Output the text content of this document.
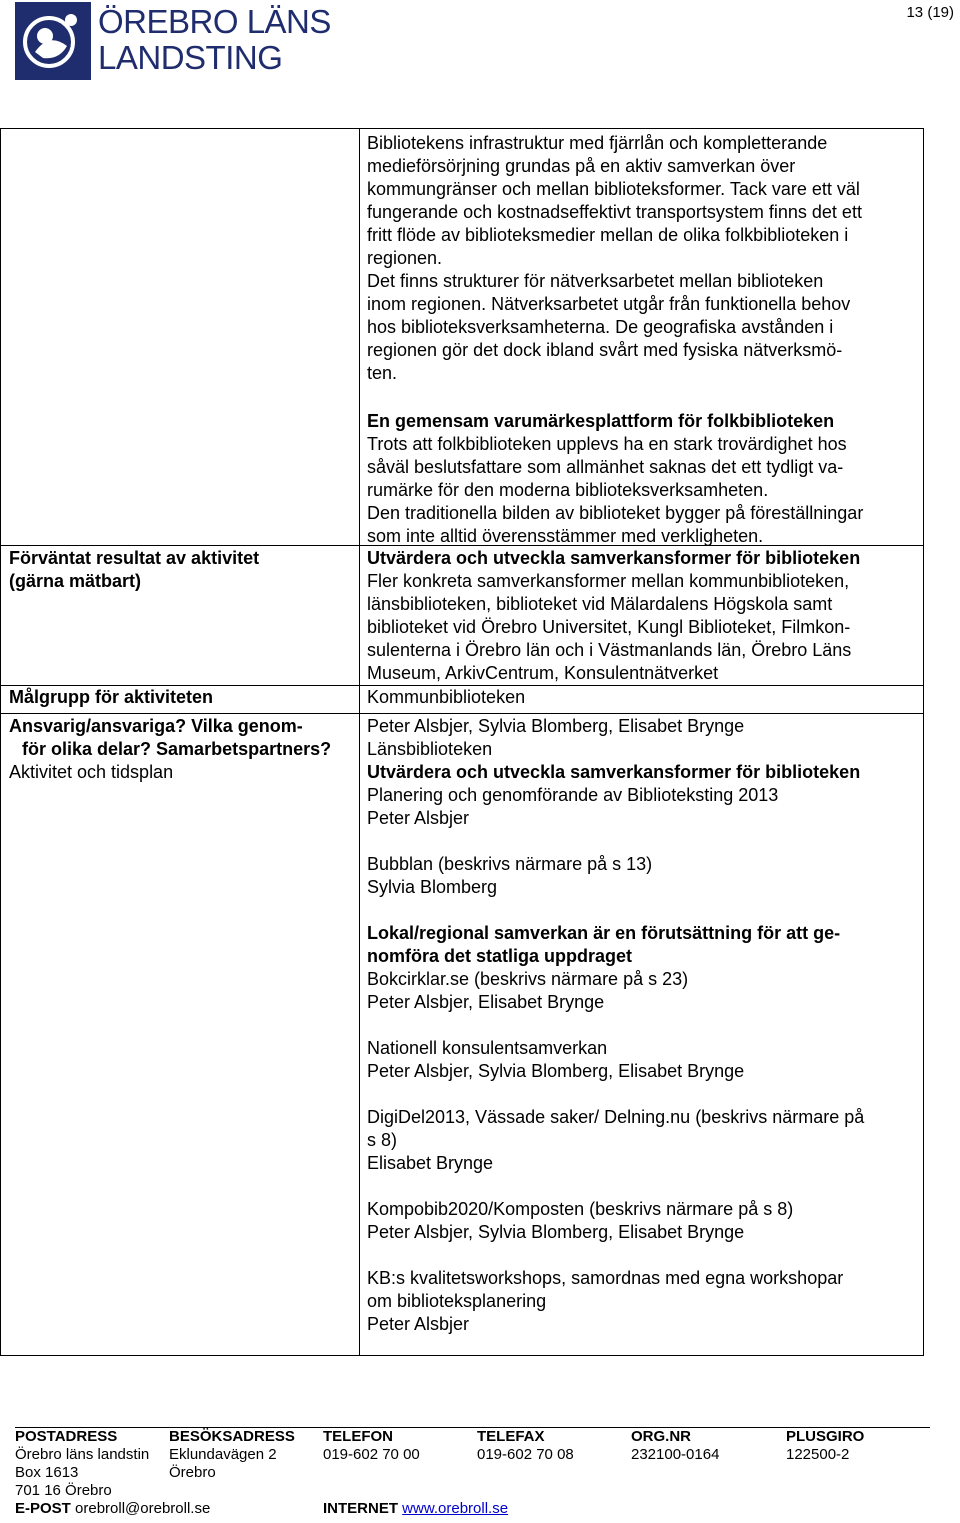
ÖREBRO LÄNS
LANDSTING
13 (19)

Bibliotekens infrastruktur med fjärrlån och kompletterande

medieförsörjning grundas på en aktiv samverkan över

kommungränser och mellan biblioteksformer. Tack vare ett väl

fungerande och kostnadseffektivt transportsystem finns det ett

fritt flöde av biblioteksmedier mellan de olika folkbiblioteken i

regionen.

Det finns strukturer för nätverksarbetet mellan biblioteken

inom regionen. Nätverksarbetet utgår från funktionella behov

hos biblioteksverksamheterna. De geografiska avstånden i

regionen gör det dock ibland svårt med fysiska nätverksmö-

ten.

En gemensam varumärkesplattform för folkbiblioteken

Trots att folkbiblioteken upplevs ha en stark trovärdighet hos

såväl beslutsfattare som allmänhet saknas det ett tydligt va-

rumärke för den moderna biblioteksverksamheten.

Den traditionella bilden av biblioteket bygger på föreställningar

som inte alltid överensstämmer med verkligheten.

Förväntat resultat av aktivitet
(gärna mätbart)

Utvärdera och utveckla samverkansformer för biblioteken

Fler konkreta samverkansformer mellan kommunbiblioteken,

länsbiblioteken, biblioteket vid Mälardalens Högskola samt

biblioteket vid Örebro Universitet, Kungl Biblioteket, Filmkon-

sulenterna i Örebro län och i Västmanlands län, Örebro Läns

Museum, ArkivCentrum, Konsulentnätverket

Målgrupp för aktiviteten	Kommunbiblioteken
Ansvarig/ansvariga? Vilka genom-
för olika delar? Samarbetspartners?

Peter Alsbjer, Sylvia Blomberg, Elisabet Brynge

Länsbiblioteken

Aktivitet och tidsplan	Utvärdera och utveckla samverkansformer för biblioteken

Planering och genomförande av Biblioteksting 2013

Peter Alsbjer

Bubblan (beskrivs närmare på s 13)

Sylvia Blomberg

Lokal/regional samverkan är en förutsättning för att ge-

nomföra det statliga uppdraget

Bokcirklar.se (beskrivs närmare på s 23)

Peter Alsbjer, Elisabet Brynge

Nationell konsulentsamverkan

Peter Alsbjer, Sylvia Blomberg, Elisabet Brynge

DigiDel2013, Vässade saker/ Delning.nu (beskrivs närmare på

s 8)

Elisabet Brynge

Kompobib2020/Komposten (beskrivs närmare på s 8)

Peter Alsbjer, Sylvia Blomberg, Elisabet Brynge

KB:s kvalitetsworkshops, samordnas med egna workshopar

om biblioteksplanering

Peter Alsbjer

POSTADRESS
Örebro läns landstin
Box 1613
701 16 Örebro
E-POST orebroll@orebroll.se
BESÖKSADRESS
Eklundavägen 2
Örebro
TELEFON
019-602 70 00
INTERNET www.orebroll.se
TELEFAX
019-602 70 08
ORG.NR
232100-0164
PLUSGIRO
122500-2
